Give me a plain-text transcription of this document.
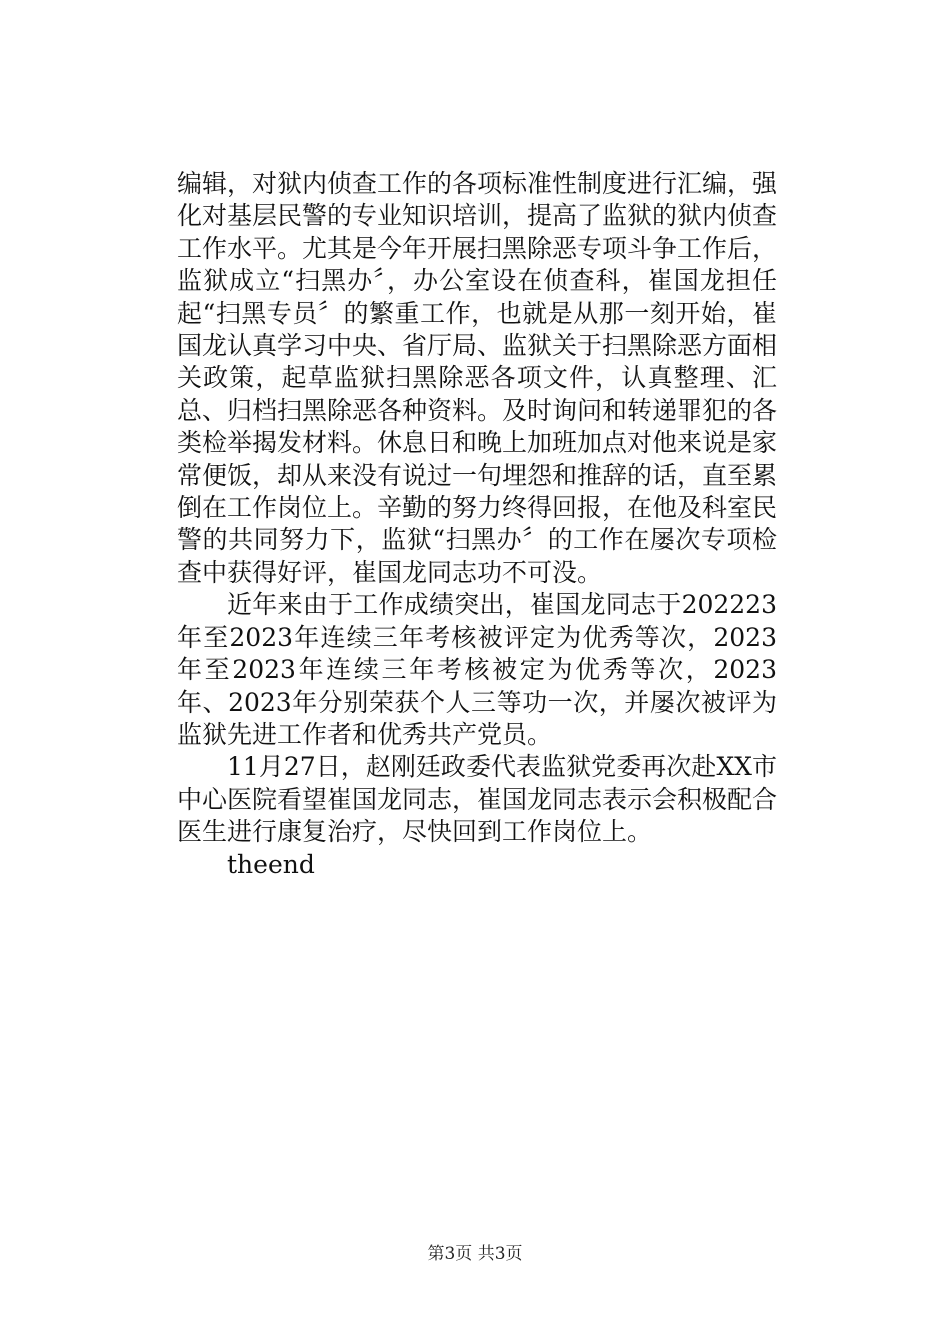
编辑，对狱内侦查工作的各项标准性制度进行汇编，强化对基层民警的专业知识培训，提高了监狱的狱内侦查工作水平。尤其是今年开展扫黑除恶专项斗争工作后，监狱成立“扫黑办〞，办公室设在侦查科，崔国龙担任起“扫黑专员〞的繁重工作，也就是从那一刻开始，崔国龙认真学习中央、省厅局、监狱关于扫黑除恶方面相关政策，起草监狱扫黑除恶各项文件，认真整理、汇总、归档扫黑除恶各种资料。及时询问和转递罪犯的各类检举揭发材料。休息日和晚上加班加点对他来说是家常便饭，却从来没有说过一句埋怨和推辞的话，直至累倒在工作岗位上。辛勤的努力终得回报，在他及科室民警的共同努力下，监狱“扫黑办〞的工作在屡次专项检查中获得好评，崔国龙同志功不可没。

近年来由于工作成绩突出，崔国龙同志于202223年至2023年连续三年考核被评定为优秀等次，2023年至2023年连续三年考核被定为优秀等次，2023年、2023年分别荣获个人三等功一次，并屡次被评为监狱先进工作者和优秀共产党员。

11月27日，赵刚廷政委代表监狱党委再次赴XX市中心医院看望崔国龙同志，崔国龙同志表示会积极配合医生进行康复治疗，尽快回到工作岗位上。

theend

第3页 共3页
